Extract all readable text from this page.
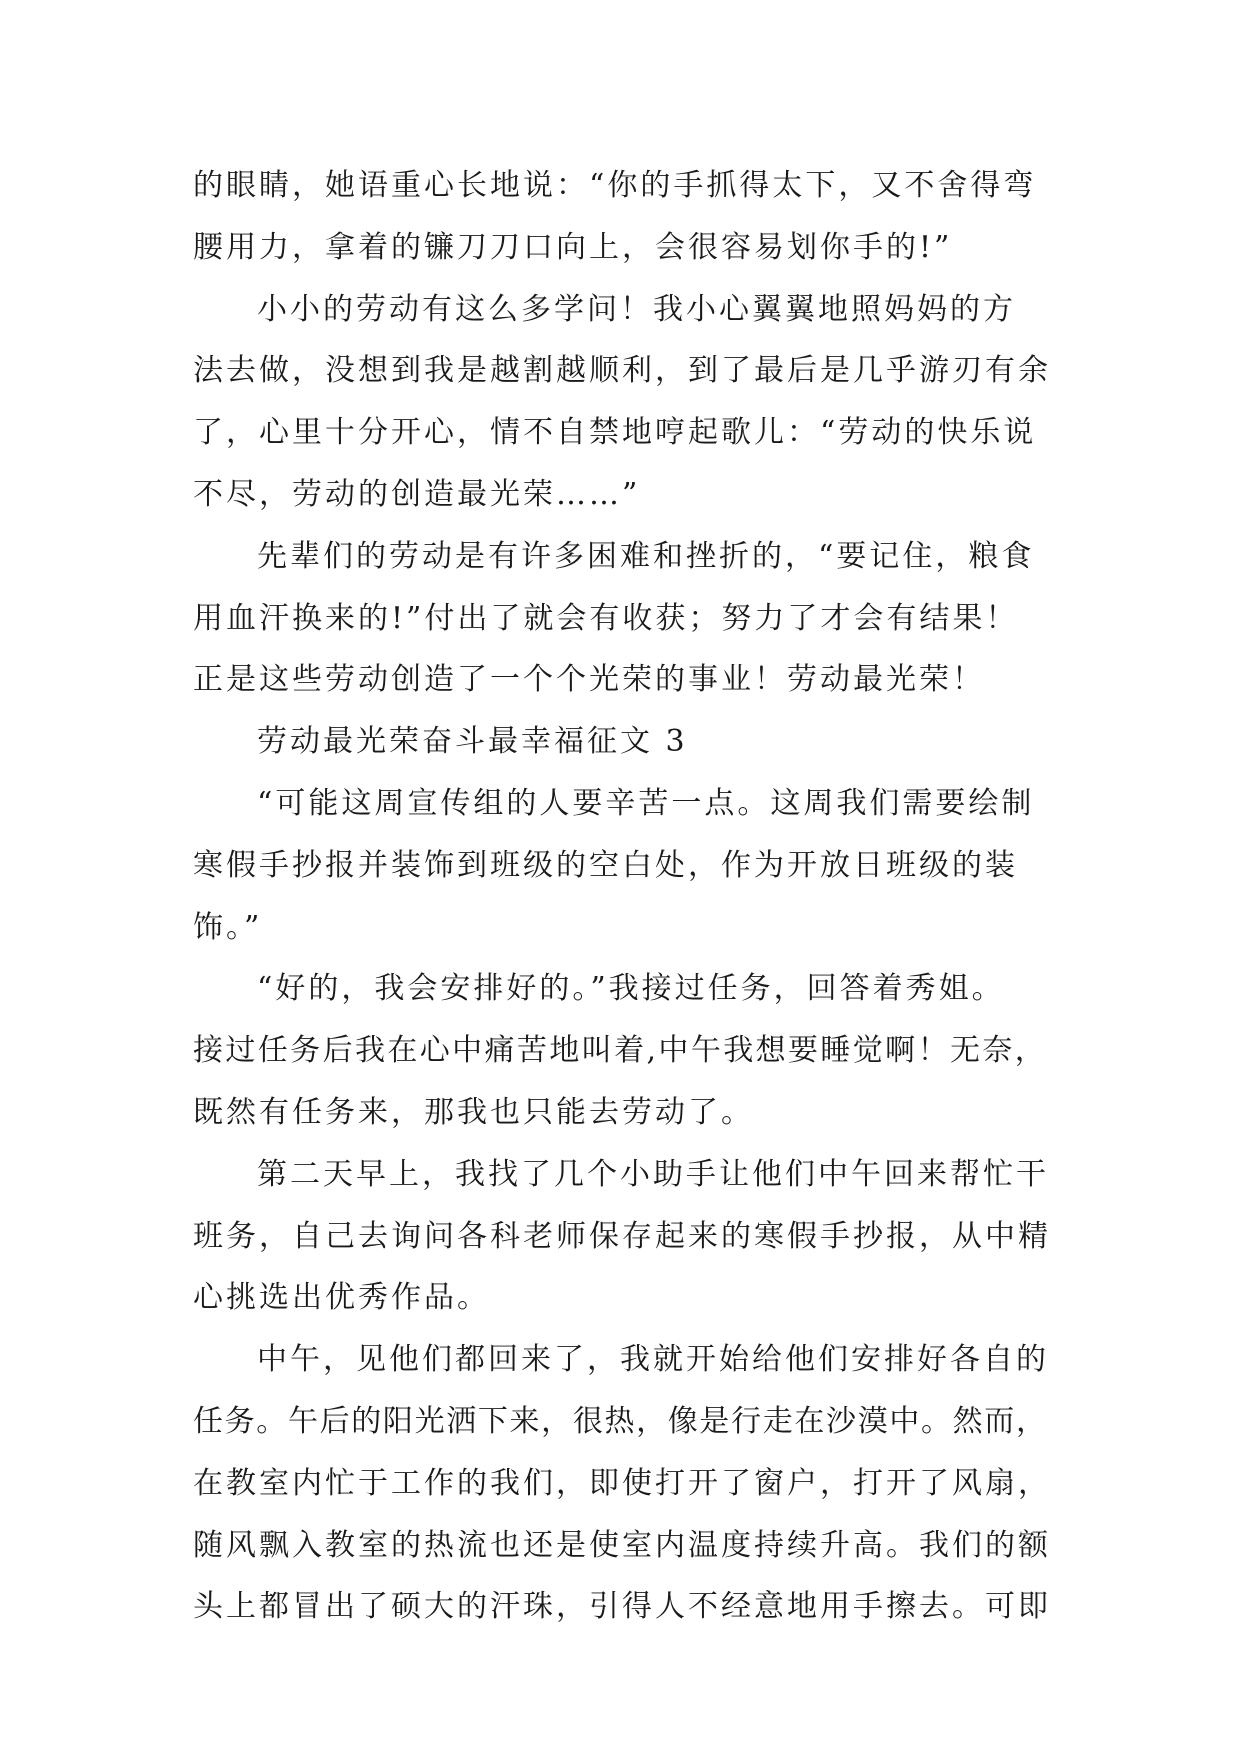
的眼睛，她语重心长地说：“你的手抓得太下，又不舍得弯
腰用力，拿着的镰刀刀口向上，会很容易划你手的!”
小小的劳动有这么多学问！我小心翼翼地照妈妈的方
法去做，没想到我是越割越顺利，到了最后是几乎游刃有余
了，心里十分开心，情不自禁地哼起歌儿：“劳动的快乐说
不尽，劳动的创造最光荣……”
先辈们的劳动是有许多困难和挫折的，“要记住，粮食
用血汗换来的!”付出了就会有收获；努力了才会有结果！
正是这些劳动创造了一个个光荣的事业！劳动最光荣！
劳动最光荣奋斗最幸福征文 3
“可能这周宣传组的人要辛苦一点。这周我们需要绘制
寒假手抄报并装饰到班级的空白处，作为开放日班级的装
饰。”
“好的，我会安排好的。”我接过任务，回答着秀姐。
接过任务后我在心中痛苦地叫着,中午我想要睡觉啊！无奈，
既然有任务来，那我也只能去劳动了。
第二天早上，我找了几个小助手让他们中午回来帮忙干
班务，自己去询问各科老师保存起来的寒假手抄报，从中精
心挑选出优秀作品。
中午，见他们都回来了，我就开始给他们安排好各自的
任务。午后的阳光洒下来，很热，像是行走在沙漠中。然而，
在教室内忙于工作的我们，即使打开了窗户，打开了风扇，
随风飘入教室的热流也还是使室内温度持续升高。我们的额
头上都冒出了硕大的汗珠，引得人不经意地用手擦去。可即
